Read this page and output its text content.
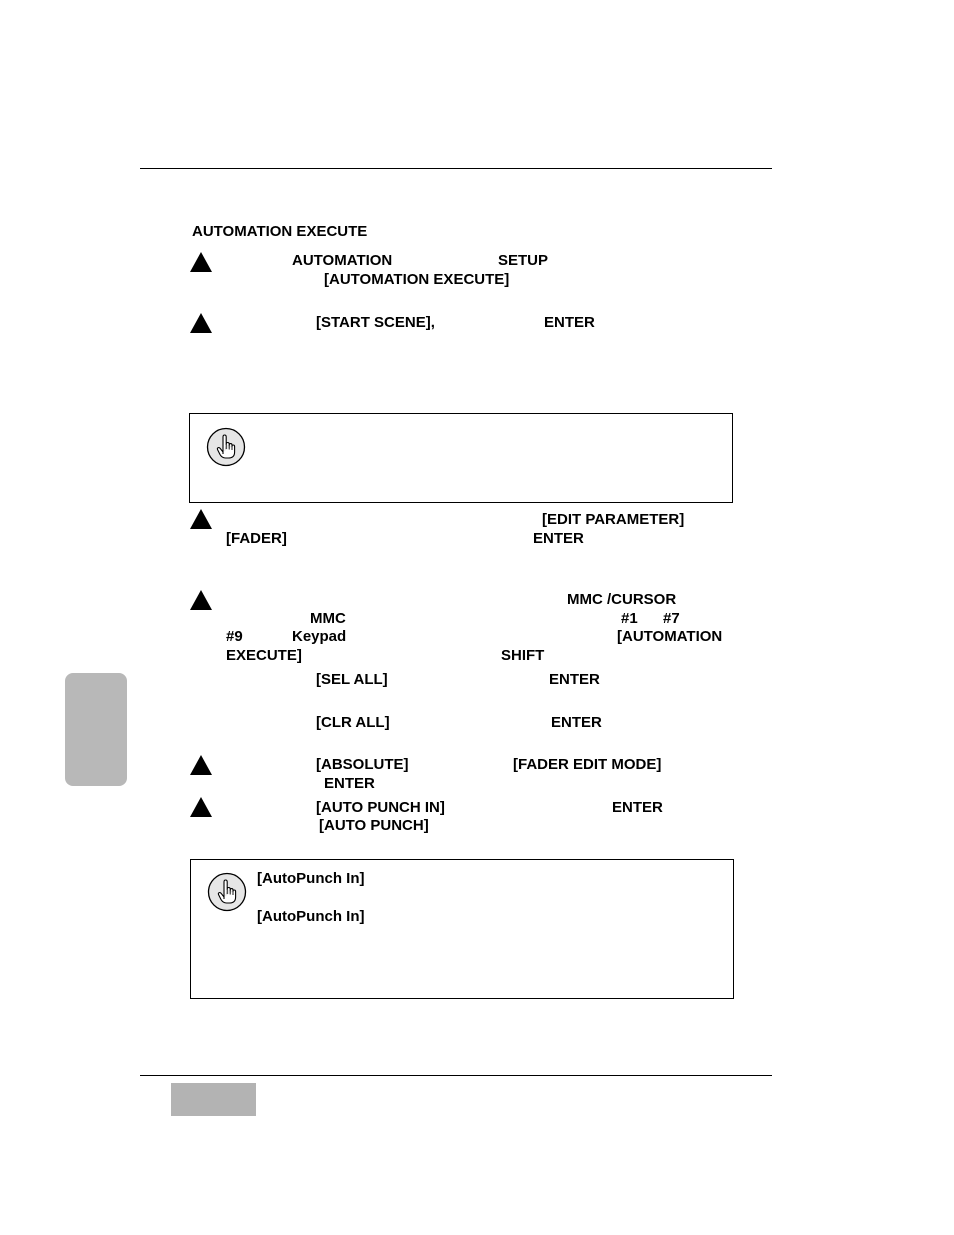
AUTOMATION EXECUTE
AUTOMATION	SETUP
[AUTOMATION EXECUTE]
[START SCENE],	ENTER
[EDIT PARAMETER]
[FADER]	ENTER
MMC /CURSOR
MMC	#1 #7
#9	Keypad	[AUTOMATION
EXECUTE]	SHIFT
[SEL ALL]	ENTER
[CLR ALL]	ENTER
[ABSOLUTE]	[FADER EDIT MODE]
ENTER
[AUTO PUNCH IN]	ENTER
[AUTO PUNCH]
[AutoPunch In]
[AutoPunch In]
